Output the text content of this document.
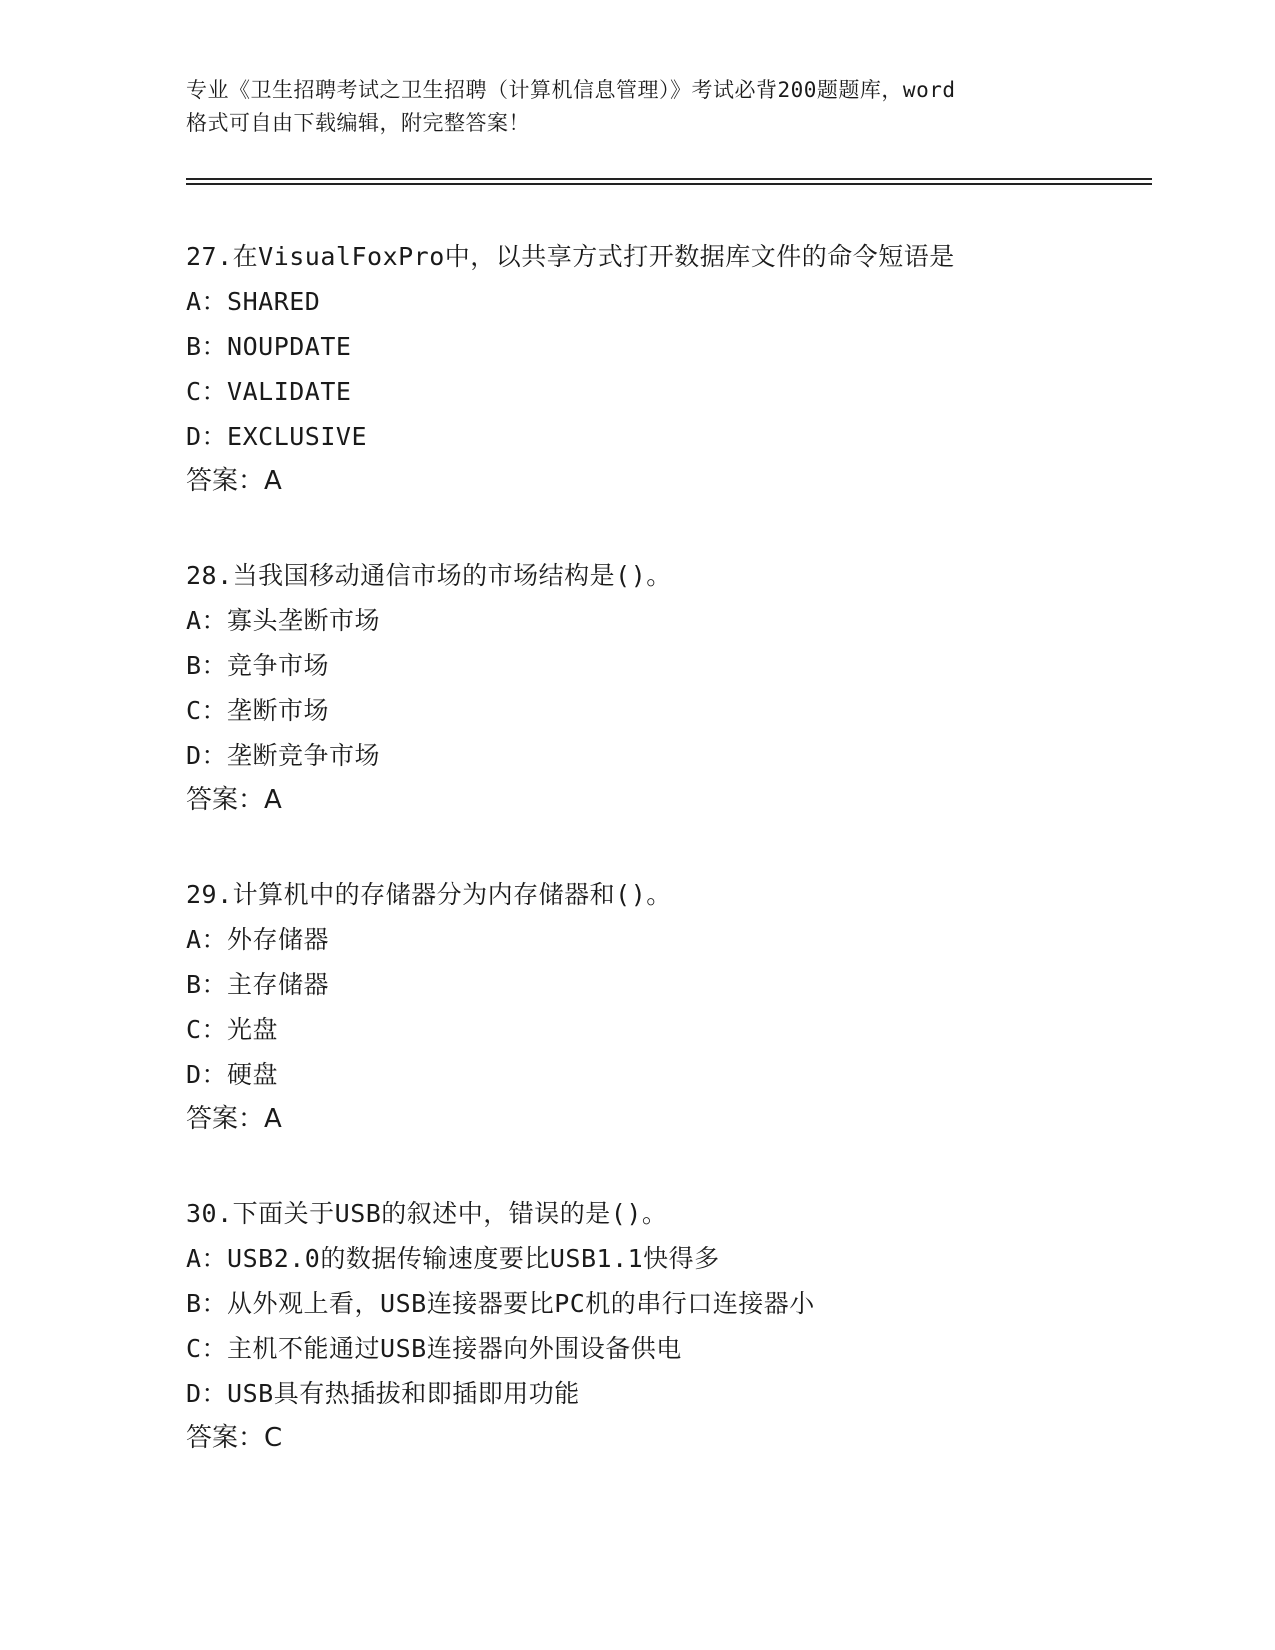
专业《卫生招聘考试之卫生招聘（计算机信息管理）》考试必背200题题库，word
格式可自由下载编辑，附完整答案！
27.在VisualFoxPro中，以共享方式打开数据库文件的命令短语是
A：SHARED
B：NOUPDATE
C：VALIDATE
D：EXCLUSIVE
答案：A
28.当我国移动通信市场的市场结构是()。
A：寡头垄断市场
B：竞争市场
C：垄断市场
D：垄断竞争市场
答案：A
29.计算机中的存储器分为内存储器和()。
A：外存储器
B：主存储器
C：光盘
D：硬盘
答案：A
30.下面关于USB的叙述中，错误的是()。
A：USB2.0的数据传输速度要比USB1.1快得多
B：从外观上看，USB连接器要比PC机的串行口连接器小
C：主机不能通过USB连接器向外围设备供电
D：USB具有热插拔和即插即用功能
答案：C
